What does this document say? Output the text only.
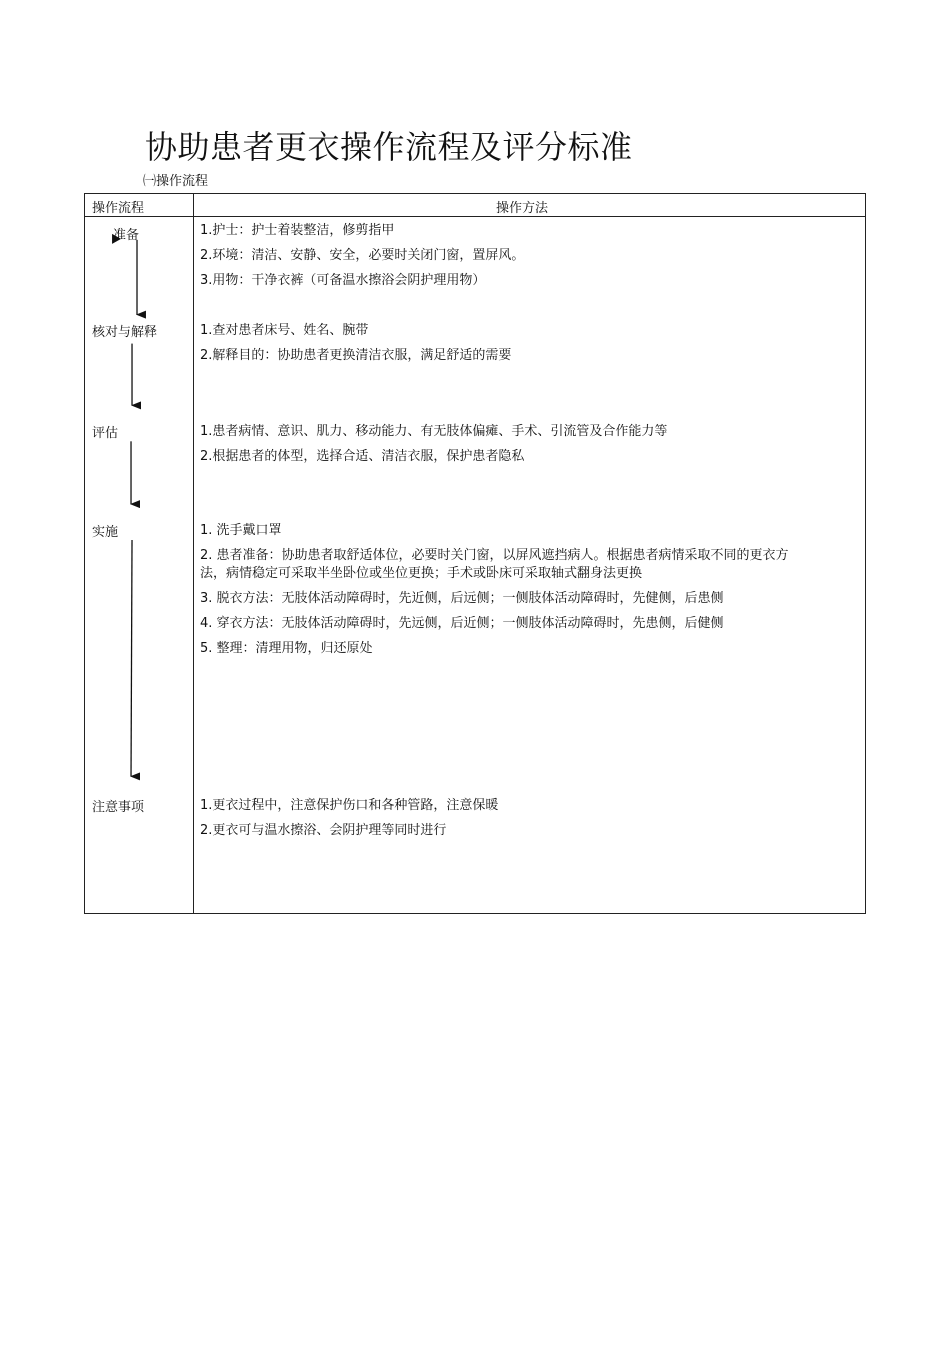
协助患者更衣操作流程及评分标准
㈠操作流程
操作流程	操作方法
准备
核对与解释
评估
实施
注意事项
1.护士：护士着装整洁，修剪指甲
2.环境：清洁、安静、安全，必要时关闭门窗，置屏风。
3.用物：干净衣裤（可备温水擦浴会阴护理用物）
1.查对患者床号、姓名、腕带
2.解释目的：协助患者更换清洁衣服，满足舒适的需要
1.患者病情、意识、肌力、移动能力、有无肢体偏瘫、手术、引流管及合作能力等
2.根据患者的体型，选择合适、清洁衣服，保护患者隐私
1. 洗手戴口罩
2. 患者准备：协助患者取舒适体位，必要时关门窗，以屏风遮挡病人。根据患者病情采取不同的更衣方法，病情稳定可采取半坐卧位或坐位更换；手术或卧床可采取轴式翻身法更换
3. 脱衣方法：无肢体活动障碍时，先近侧，后远侧；一侧肢体活动障碍时，先健侧，后患侧
4. 穿衣方法：无肢体活动障碍时，先远侧，后近侧；一侧肢体活动障碍时，先患侧，后健侧
5. 整理：清理用物，归还原处
1.更衣过程中，注意保护伤口和各种管路，注意保暖
2.更衣可与温水擦浴、会阴护理等同时进行
